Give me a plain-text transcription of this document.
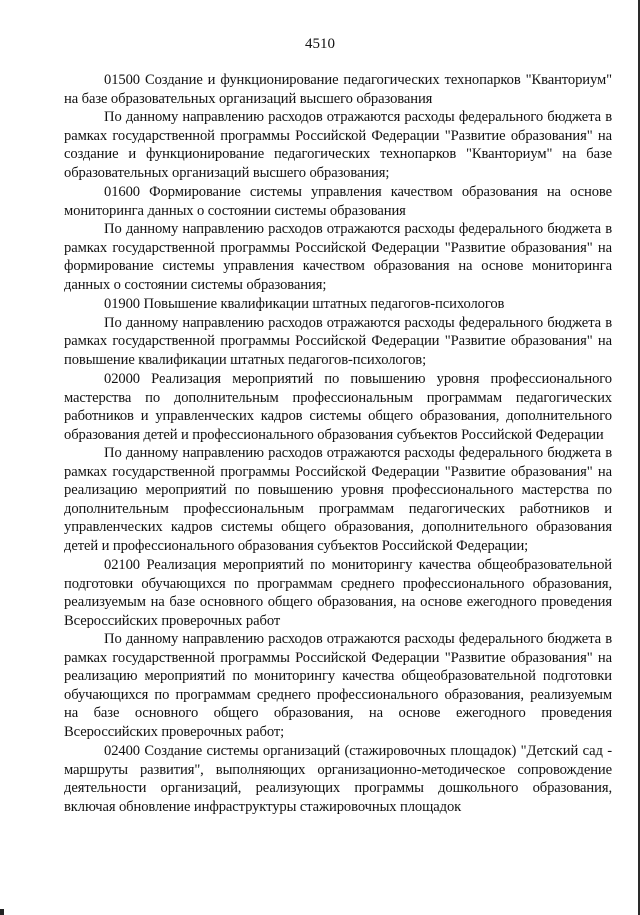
4510

01500 Создание и функционирование педагогических технопарков "Кванториум" на базе образовательных организаций высшего образования

По данному направлению расходов отражаются расходы федерального бюджета в рамках государственной программы Российской Федерации "Развитие образования" на создание и функционирование педагогических технопарков "Кванториум" на базе образовательных организаций высшего образования;

01600 Формирование системы управления качеством образования на основе мониторинга данных о состоянии системы образования

По данному направлению расходов отражаются расходы федерального бюджета в рамках государственной программы Российской Федерации "Развитие образования" на формирование системы управления качеством образования на основе мониторинга данных о состоянии системы образования;

01900 Повышение квалификации штатных педагогов-психологов

По данному направлению расходов отражаются расходы федерального бюджета в рамках государственной программы Российской Федерации "Развитие образования" на повышение квалификации штатных педагогов-психологов;

02000 Реализация мероприятий по повышению уровня профессионального мастерства по дополнительным профессиональным программам педагогических работников и управленческих кадров системы общего образования, дополнительного образования детей и профессионального образования субъектов Российской Федерации

По данному направлению расходов отражаются расходы федерального бюджета в рамках государственной программы Российской Федерации "Развитие образования" на реализацию мероприятий по повышению уровня профессионального мастерства по дополнительным профессиональным программам педагогических работников и управленческих кадров системы общего образования, дополнительного образования детей и профессионального образования субъектов Российской Федерации;

02100 Реализация мероприятий по мониторингу качества общеобразовательной подготовки обучающихся по программам среднего профессионального образования, реализуемым на базе основного общего образования, на основе ежегодного проведения Всероссийских проверочных работ

По данному направлению расходов отражаются расходы федерального бюджета в рамках государственной программы Российской Федерации "Развитие образования" на реализацию мероприятий по мониторингу качества общеобразовательной подготовки обучающихся по программам среднего профессионального образования, реализуемым на базе основного общего образования, на основе ежегодного проведения Всероссийских проверочных работ;

02400 Создание системы организаций (стажировочных площадок) "Детский сад - маршруты развития", выполняющих организационно-методическое сопровождение деятельности организаций, реализующих программы дошкольного образования, включая обновление инфраструктуры стажировочных площадок
